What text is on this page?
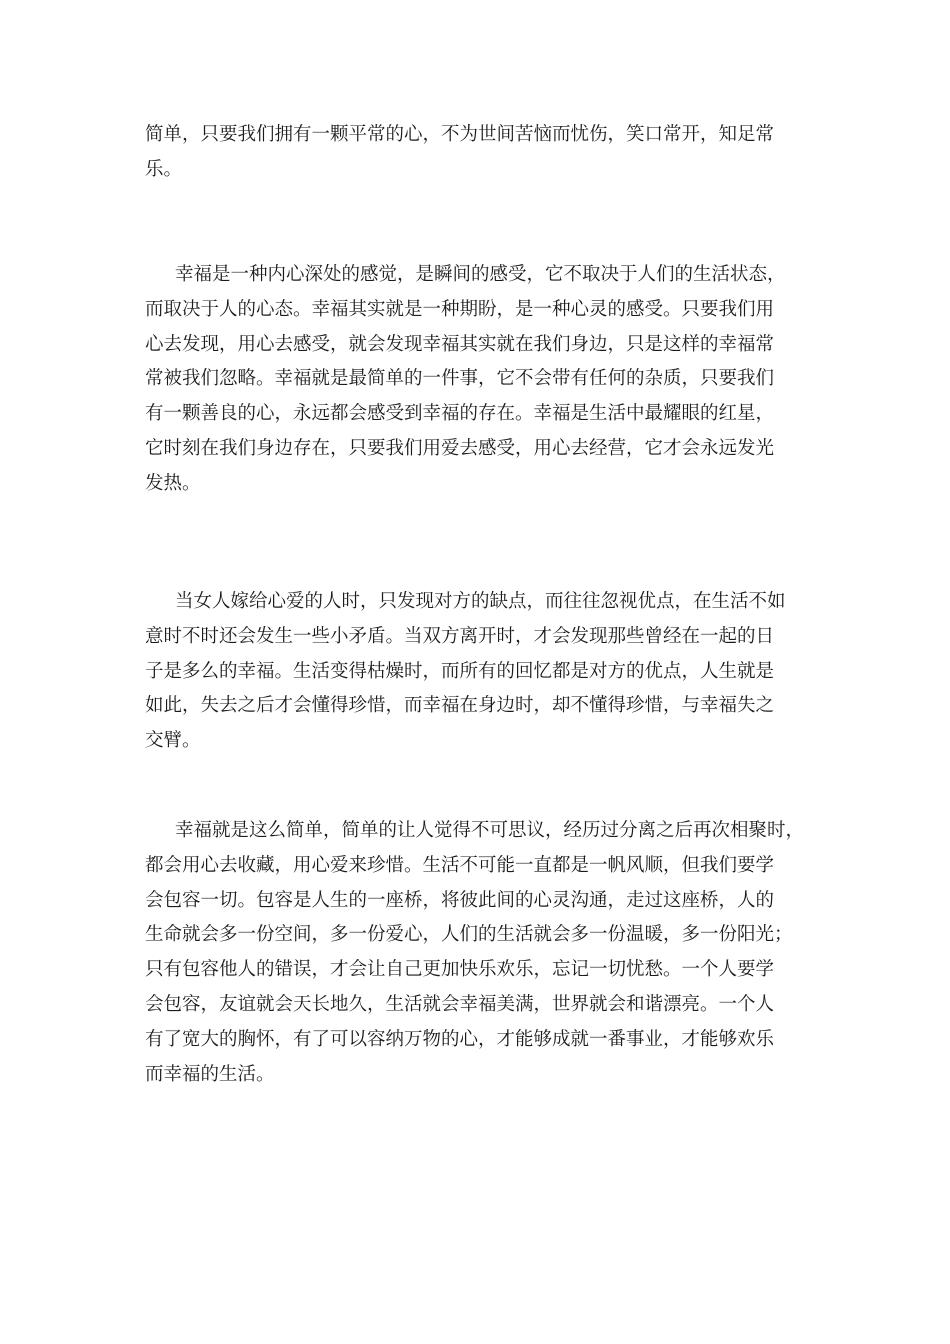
简单，只要我们拥有一颗平常的心，不为世间苦恼而忧伤，笑口常开，知足常
乐。

幸福是一种内心深处的感觉，是瞬间的感受，它不取决于人们的生活状态，
而取决于人的心态。幸福其实就是一种期盼，是一种心灵的感受。只要我们用
心去发现，用心去感受，就会发现幸福其实就在我们身边，只是这样的幸福常
常被我们忽略。幸福就是最简单的一件事，它不会带有任何的杂质，只要我们
有一颗善良的心，永远都会感受到幸福的存在。幸福是生活中最耀眼的红星，
它时刻在我们身边存在，只要我们用爱去感受，用心去经营，它才会永远发光
发热。

当女人嫁给心爱的人时，只发现对方的缺点，而往往忽视优点，在生活不如
意时不时还会发生一些小矛盾。当双方离开时，才会发现那些曾经在一起的日
子是多么的幸福。生活变得枯燥时，而所有的回忆都是对方的优点，人生就是
如此，失去之后才会懂得珍惜，而幸福在身边时，却不懂得珍惜，与幸福失之
交臂。

幸福就是这么简单，简单的让人觉得不可思议，经历过分离之后再次相聚时，
都会用心去收藏，用心爱来珍惜。生活不可能一直都是一帆风顺，但我们要学
会包容一切。包容是人生的一座桥，将彼此间的心灵沟通，走过这座桥，人的
生命就会多一份空间，多一份爱心，人们的生活就会多一份温暖，多一份阳光；
只有包容他人的错误，才会让自己更加快乐欢乐，忘记一切忧愁。一个人要学
会包容，友谊就会天长地久，生活就会幸福美满，世界就会和谐漂亮。一个人
有了宽大的胸怀，有了可以容纳万物的心，才能够成就一番事业，才能够欢乐
而幸福的生活。
